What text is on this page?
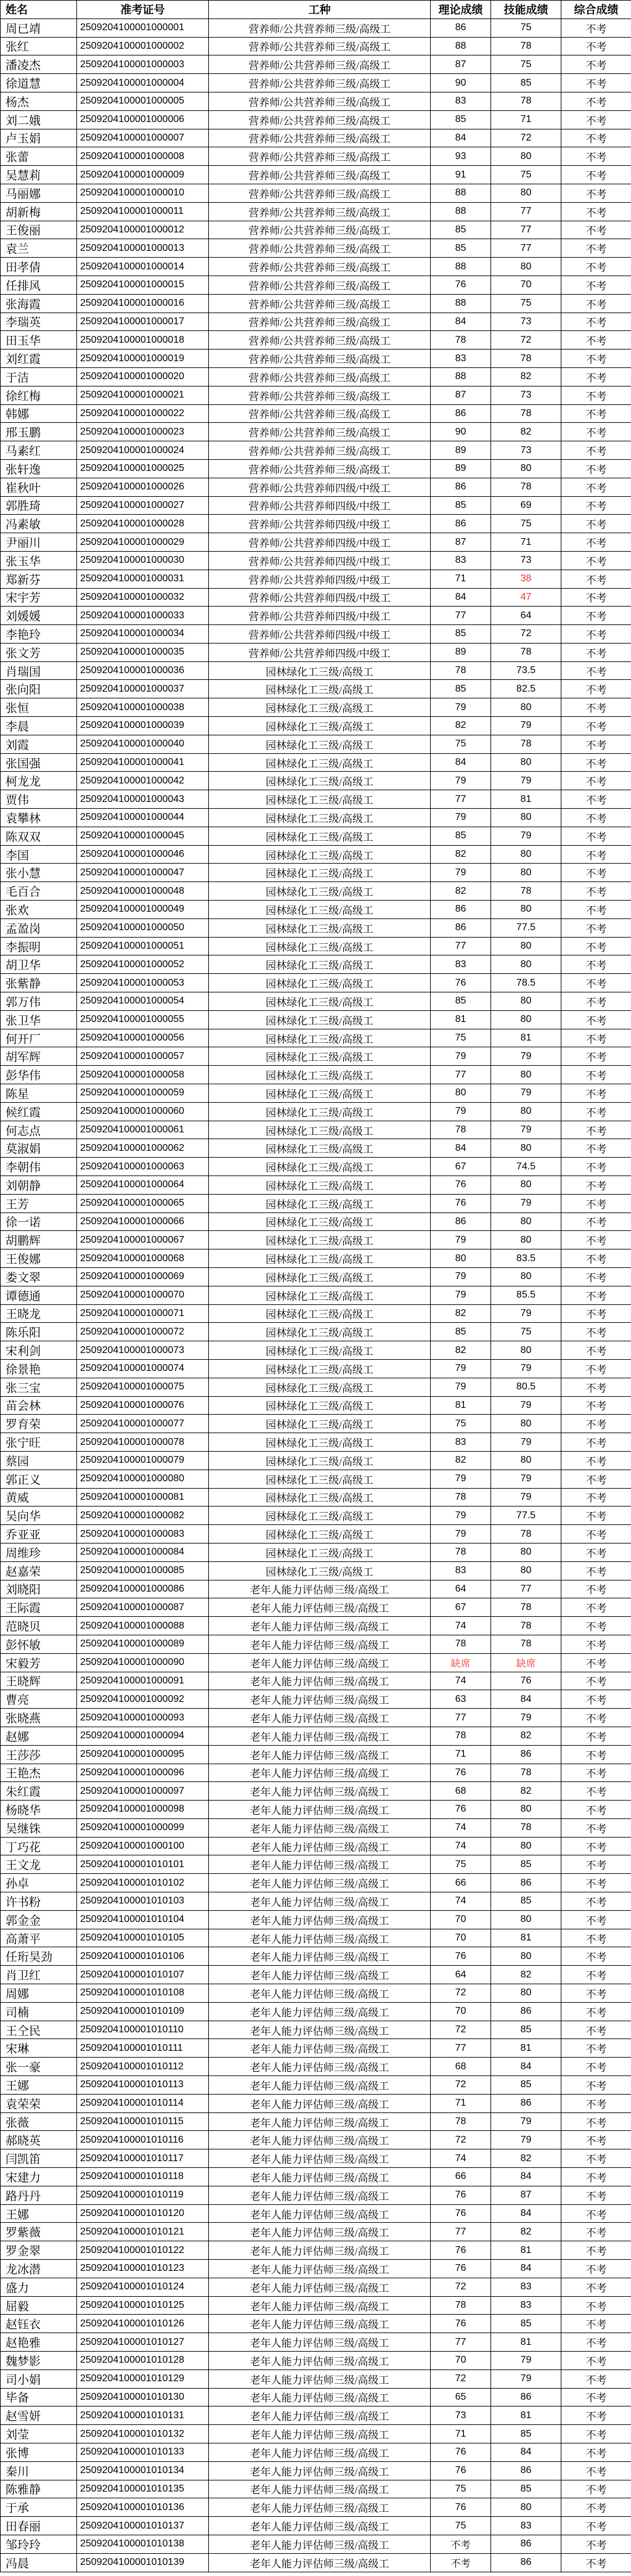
姓名	准考证号	工种	理论成绩	技能成绩	综合成绩
周已靖	2509204100001000001	营养师/公共营养师三级/高级工	86	75	不考
张红	2509204100001000002	营养师/公共营养师三级/高级工	88	78	不考
潘凌杰	2509204100001000003	营养师/公共营养师三级/高级工	87	75	不考
徐道慧	2509204100001000004	营养师/公共营养师三级/高级工	90	85	不考
杨杰	2509204100001000005	营养师/公共营养师三级/高级工	83	78	不考
刘二娥	2509204100001000006	营养师/公共营养师三级/高级工	85	71	不考
卢玉娟	2509204100001000007	营养师/公共营养师三级/高级工	84	72	不考
张蕾	2509204100001000008	营养师/公共营养师三级/高级工	93	80	不考
吴慧莉	2509204100001000009	营养师/公共营养师三级/高级工	91	75	不考
马丽娜	2509204100001000010	营养师/公共营养师三级/高级工	88	80	不考
胡新梅	2509204100001000011	营养师/公共营养师三级/高级工	88	77	不考
王俊丽	2509204100001000012	营养师/公共营养师三级/高级工	85	77	不考
袁兰	2509204100001000013	营养师/公共营养师三级/高级工	85	77	不考
田孝倩	2509204100001000014	营养师/公共营养师三级/高级工	88	80	不考
任排风	2509204100001000015	营养师/公共营养师三级/高级工	76	70	不考
张海霞	2509204100001000016	营养师/公共营养师三级/高级工	88	75	不考
李瑞英	2509204100001000017	营养师/公共营养师三级/高级工	84	73	不考
田玉华	2509204100001000018	营养师/公共营养师三级/高级工	78	72	不考
刘红霞	2509204100001000019	营养师/公共营养师三级/高级工	83	78	不考
于洁	2509204100001000020	营养师/公共营养师三级/高级工	88	82	不考
徐红梅	2509204100001000021	营养师/公共营养师三级/高级工	87	73	不考
韩娜	2509204100001000022	营养师/公共营养师三级/高级工	86	78	不考
邢玉鹏	2509204100001000023	营养师/公共营养师三级/高级工	90	82	不考
马素红	2509204100001000024	营养师/公共营养师三级/高级工	89	73	不考
张轩逸	2509204100001000025	营养师/公共营养师三级/高级工	89	80	不考
崔秋叶	2509204100001000026	营养师/公共营养师四级/中级工	86	78	不考
郭胜琦	2509204100001000027	营养师/公共营养师四级/中级工	85	69	不考
冯素敏	2509204100001000028	营养师/公共营养师四级/中级工	86	75	不考
尹丽川	2509204100001000029	营养师/公共营养师四级/中级工	87	71	不考
张玉华	2509204100001000030	营养师/公共营养师四级/中级工	83	73	不考
郑新芬	2509204100001000031	营养师/公共营养师四级/中级工	71	38	不考
宋宇芳	2509204100001000032	营养师/公共营养师四级/中级工	84	47	不考
刘媛媛	2509204100001000033	营养师/公共营养师四级/中级工	77	64	不考
李艳玲	2509204100001000034	营养师/公共营养师四级/中级工	85	72	不考
张文芳	2509204100001000035	营养师/公共营养师四级/中级工	89	78	不考
肖瑞国	2509204100001000036	园林绿化工三级/高级工	78	73.5	不考
张向阳	2509204100001000037	园林绿化工三级/高级工	85	82.5	不考
张恒	2509204100001000038	园林绿化工三级/高级工	79	80	不考
李晨	2509204100001000039	园林绿化工三级/高级工	82	79	不考
刘霞	2509204100001000040	园林绿化工三级/高级工	75	78	不考
张国强	2509204100001000041	园林绿化工三级/高级工	84	80	不考
柯龙龙	2509204100001000042	园林绿化工三级/高级工	79	79	不考
贾伟	2509204100001000043	园林绿化工三级/高级工	77	81	不考
袁攀林	2509204100001000044	园林绿化工三级/高级工	79	80	不考
陈双双	2509204100001000045	园林绿化工三级/高级工	85	79	不考
李国	2509204100001000046	园林绿化工三级/高级工	82	80	不考
张小慧	2509204100001000047	园林绿化工三级/高级工	79	80	不考
毛百合	2509204100001000048	园林绿化工三级/高级工	82	78	不考
张欢	2509204100001000049	园林绿化工三级/高级工	86	80	不考
孟盈岗	2509204100001000050	园林绿化工三级/高级工	86	77.5	不考
李振明	2509204100001000051	园林绿化工三级/高级工	77	80	不考
胡卫华	2509204100001000052	园林绿化工三级/高级工	83	80	不考
张紫静	2509204100001000053	园林绿化工三级/高级工	76	78.5	不考
郭万伟	2509204100001000054	园林绿化工三级/高级工	85	80	不考
张卫华	2509204100001000055	园林绿化工三级/高级工	81	80	不考
何开厂	2509204100001000056	园林绿化工三级/高级工	75	81	不考
胡军辉	2509204100001000057	园林绿化工三级/高级工	79	79	不考
彭华伟	2509204100001000058	园林绿化工三级/高级工	77	80	不考
陈星	2509204100001000059	园林绿化工三级/高级工	80	79	不考
候红霞	2509204100001000060	园林绿化工三级/高级工	79	80	不考
何志点	2509204100001000061	园林绿化工三级/高级工	78	79	不考
莫淑娟	2509204100001000062	园林绿化工三级/高级工	84	80	不考
李朝伟	2509204100001000063	园林绿化工三级/高级工	67	74.5	不考
刘朝静	2509204100001000064	园林绿化工三级/高级工	76	80	不考
王芳	2509204100001000065	园林绿化工三级/高级工	76	79	不考
徐一诺	2509204100001000066	园林绿化工三级/高级工	86	80	不考
胡鹏辉	2509204100001000067	园林绿化工三级/高级工	79	80	不考
王俊娜	2509204100001000068	园林绿化工三级/高级工	80	83.5	不考
娄文翠	2509204100001000069	园林绿化工三级/高级工	79	80	不考
谭德通	2509204100001000070	园林绿化工三级/高级工	79	85.5	不考
王晓龙	2509204100001000071	园林绿化工三级/高级工	82	79	不考
陈乐阳	2509204100001000072	园林绿化工三级/高级工	85	75	不考
宋利剑	2509204100001000073	园林绿化工三级/高级工	82	80	不考
徐景艳	2509204100001000074	园林绿化工三级/高级工	79	79	不考
张三宝	2509204100001000075	园林绿化工三级/高级工	79	80.5	不考
苗会林	2509204100001000076	园林绿化工三级/高级工	81	79	不考
罗育荣	2509204100001000077	园林绿化工三级/高级工	75	80	不考
张宁旺	2509204100001000078	园林绿化工三级/高级工	83	79	不考
蔡园	2509204100001000079	园林绿化工三级/高级工	82	80	不考
郭正义	2509204100001000080	园林绿化工三级/高级工	79	79	不考
黄威	2509204100001000081	园林绿化工三级/高级工	78	79	不考
吴向华	2509204100001000082	园林绿化工三级/高级工	79	77.5	不考
乔亚亚	2509204100001000083	园林绿化工三级/高级工	79	78	不考
周维珍	2509204100001000084	园林绿化工三级/高级工	78	80	不考
赵嘉荣	2509204100001000085	园林绿化工三级/高级工	83	80	不考
刘晓阳	2509204100001000086	老年人能力评估师三级/高级工	64	77	不考
王际霞	2509204100001000087	老年人能力评估师三级/高级工	67	78	不考
范晓贝	2509204100001000088	老年人能力评估师三级/高级工	74	78	不考
彭怀敏	2509204100001000089	老年人能力评估师三级/高级工	78	78	不考
宋毅芳	2509204100001000090	老年人能力评估师三级/高级工	缺席	缺席	不考
王晓辉	2509204100001000091	老年人能力评估师三级/高级工	74	76	不考
曹亮	2509204100001000092	老年人能力评估师三级/高级工	63	84	不考
张晓燕	2509204100001000093	老年人能力评估师三级/高级工	77	79	不考
赵娜	2509204100001000094	老年人能力评估师三级/高级工	78	82	不考
王莎莎	2509204100001000095	老年人能力评估师三级/高级工	71	86	不考
王艳杰	2509204100001000096	老年人能力评估师三级/高级工	76	78	不考
朱红霞	2509204100001000097	老年人能力评估师三级/高级工	68	82	不考
杨晓华	2509204100001000098	老年人能力评估师三级/高级工	76	80	不考
吴继铢	2509204100001000099	老年人能力评估师三级/高级工	74	78	不考
丁巧花	2509204100001000100	老年人能力评估师三级/高级工	74	80	不考
王文龙	2509204100001010101	老年人能力评估师三级/高级工	75	85	不考
孙卓	2509204100001010102	老年人能力评估师三级/高级工	66	86	不考
许书粉	2509204100001010103	老年人能力评估师三级/高级工	74	85	不考
郭金金	2509204100001010104	老年人能力评估师三级/高级工	70	80	不考
高萧平	2509204100001010105	老年人能力评估师三级/高级工	70	81	不考
任珩昊劲	2509204100001010106	老年人能力评估师三级/高级工	76	80	不考
肖卫红	2509204100001010107	老年人能力评估师三级/高级工	64	82	不考
周娜	2509204100001010108	老年人能力评估师三级/高级工	72	80	不考
司楠	2509204100001010109	老年人能力评估师三级/高级工	70	86	不考
王仝民	2509204100001010110	老年人能力评估师三级/高级工	72	85	不考
宋琳	2509204100001010111	老年人能力评估师三级/高级工	77	81	不考
张一豪	2509204100001010112	老年人能力评估师三级/高级工	68	84	不考
王娜	2509204100001010113	老年人能力评估师三级/高级工	72	85	不考
袁荣荣	2509204100001010114	老年人能力评估师三级/高级工	71	86	不考
张薇	2509204100001010115	老年人能力评估师三级/高级工	78	79	不考
郝晓英	2509204100001010116	老年人能力评估师三级/高级工	72	79	不考
闫凯笛	2509204100001010117	老年人能力评估师三级/高级工	74	82	不考
宋建力	2509204100001010118	老年人能力评估师三级/高级工	66	84	不考
路丹丹	2509204100001010119	老年人能力评估师三级/高级工	76	87	不考
王娜	2509204100001010120	老年人能力评估师三级/高级工	76	84	不考
罗紫薇	2509204100001010121	老年人能力评估师三级/高级工	77	82	不考
罗金翠	2509204100001010122	老年人能力评估师三级/高级工	76	81	不考
龙冰潜	2509204100001010123	老年人能力评估师三级/高级工	76	84	不考
盛力	2509204100001010124	老年人能力评估师三级/高级工	72	83	不考
屈毅	2509204100001010125	老年人能力评估师三级/高级工	78	83	不考
赵钰衣	2509204100001010126	老年人能力评估师三级/高级工	76	85	不考
赵艳雅	2509204100001010127	老年人能力评估师三级/高级工	77	81	不考
魏梦影	2509204100001010128	老年人能力评估师三级/高级工	70	79	不考
司小娟	2509204100001010129	老年人能力评估师三级/高级工	72	79	不考
毕备	2509204100001010130	老年人能力评估师三级/高级工	65	86	不考
赵雪妍	2509204100001010131	老年人能力评估师三级/高级工	73	81	不考
刘莹	2509204100001010132	老年人能力评估师三级/高级工	71	85	不考
张博	2509204100001010133	老年人能力评估师三级/高级工	76	84	不考
秦川	2509204100001010134	老年人能力评估师三级/高级工	76	86	不考
陈雅静	2509204100001010135	老年人能力评估师三级/高级工	75	85	不考
于承	2509204100001010136	老年人能力评估师三级/高级工	76	80	不考
田春丽	2509204100001010137	老年人能力评估师三级/高级工	75	83	不考
邹玲玲	2509204100001010138	老年人能力评估师三级/高级工	不考	86	不考
冯晨	2509204100001010139	老年人能力评估师三级/高级工	不考	86	不考
